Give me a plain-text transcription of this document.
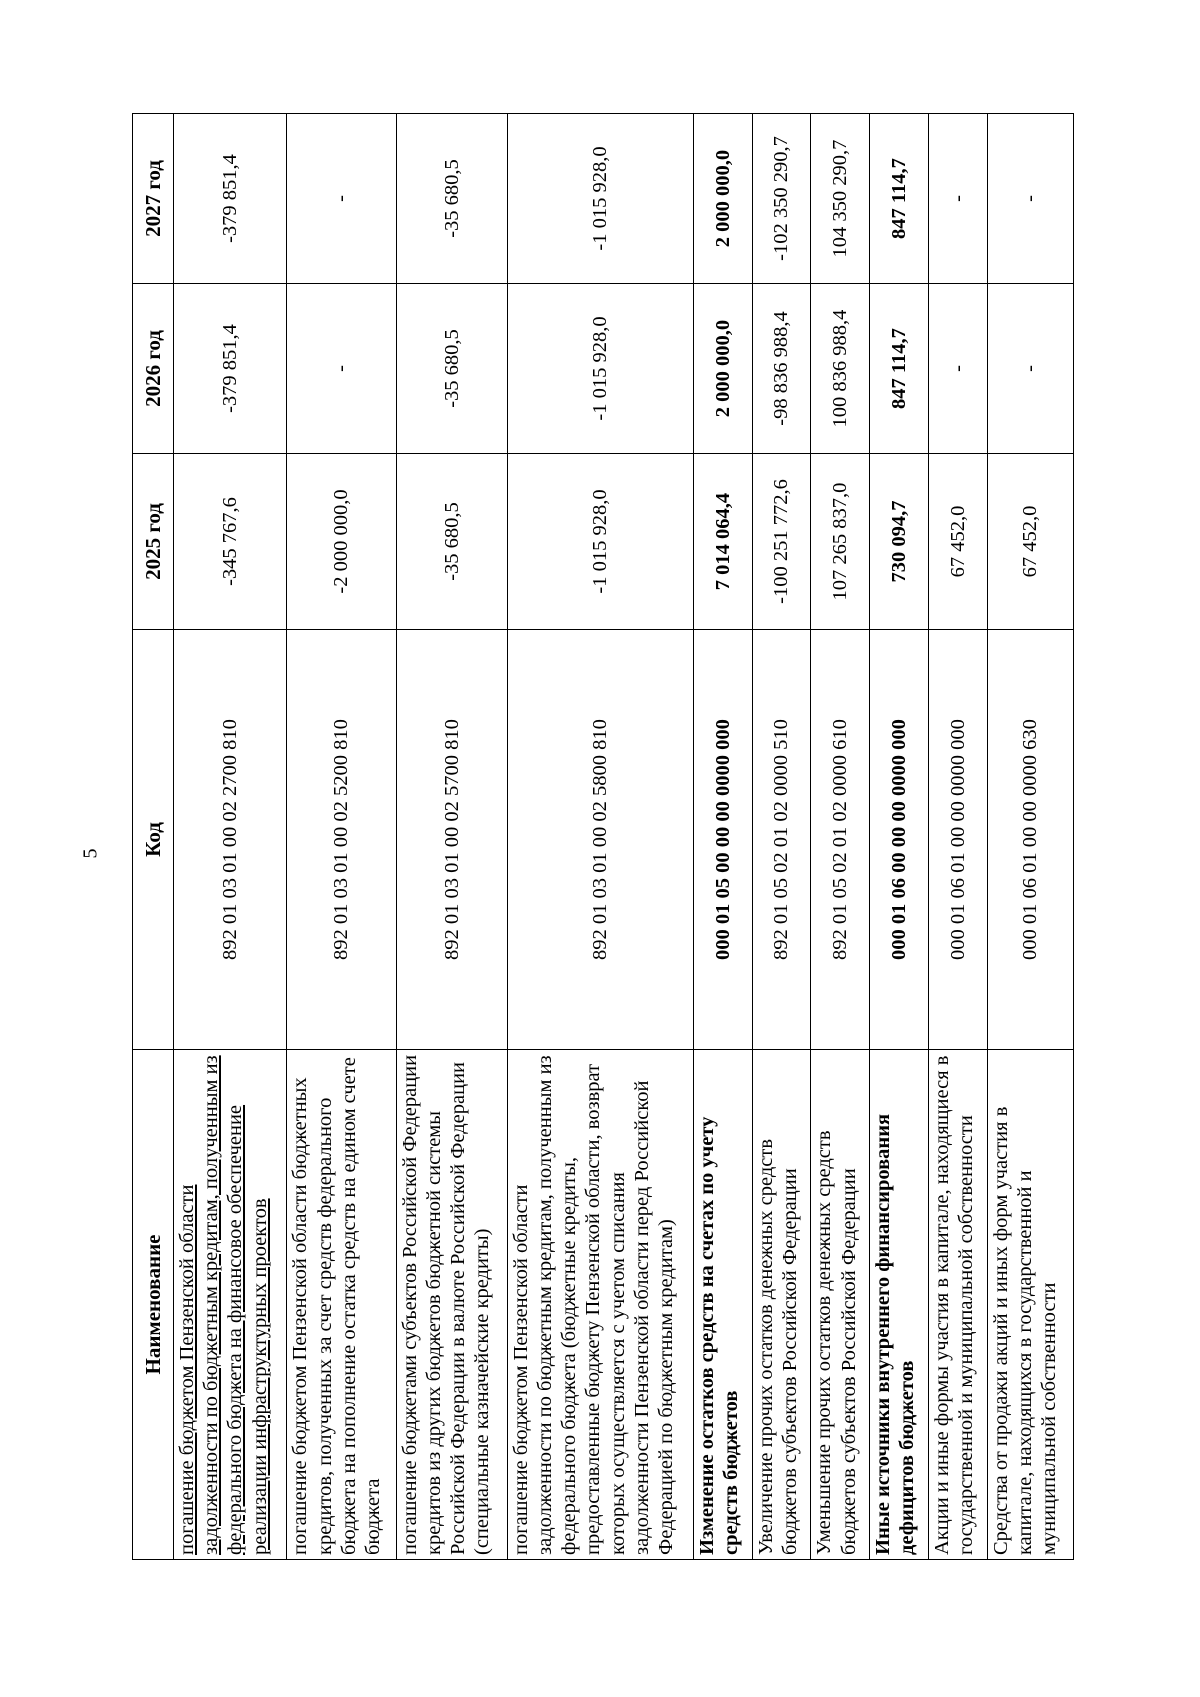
5
Наименование	Код	2025 год	2026 год	2027 год
погашение бюджетом Пензенской области задолженности по бюджетным кредитам, полученным из федерального бюджета на финансовое обеспечение реализации инфраструктурных проектов	892 01 03 01 00 02 2700 810	-345 767,6	-379 851,4	-379 851,4
погашение бюджетом Пензенской области бюджетных кредитов, полученных за счет средств федерального бюджета на пополнение остатка средств на едином счете бюджета	892 01 03 01 00 02 5200 810	-2 000 000,0	-	-
погашение бюджетами субъектов Российской Федерации кредитов из других бюджетов бюджетной системы Российской Федерации в валюте Российской Федерации (специальные казначейские кредиты)	892 01 03 01 00 02 5700 810	-35 680,5	-35 680,5	-35 680,5
погашение бюджетом Пензенской области задолженности по бюджетным кредитам, полученным из федерального бюджета (бюджетные кредиты, предоставленные бюджету Пензенской области, возврат которых осуществляется с учетом списания задолженности Пензенской области перед Российской Федерацией по бюджетным кредитам)	892 01 03 01 00 02 5800 810	-1 015 928,0	-1 015 928,0	-1 015 928,0
Изменение остатков средств на счетах по учету средств бюджетов	000 01 05 00 00 00 0000 000	7 014 064,4	2 000 000,0	2 000 000,0
Увеличение прочих остатков денежных средств бюджетов субъектов Российской Федерации	892 01 05 02 01 02 0000 510	-100 251 772,6	-98 836 988,4	-102 350 290,7
Уменьшение прочих остатков денежных средств бюджетов субъектов Российской Федерации	892 01 05 02 01 02 0000 610	107 265 837,0	100 836 988,4	104 350 290,7
Иные источники внутреннего финансирования дефицитов бюджетов	000 01 06 00 00 00 0000 000	730 094,7	847 114,7	847 114,7
Акции и иные формы участия в капитале, находящиеся в государственной и муниципальной собственности	000 01 06 01 00 00 0000 000	67 452,0	-	-
Средства от продажи акций и иных форм участия в капитале, находящихся в государственной и муниципальной собственности	000 01 06 01 00 00 0000 630	67 452,0	-	-
